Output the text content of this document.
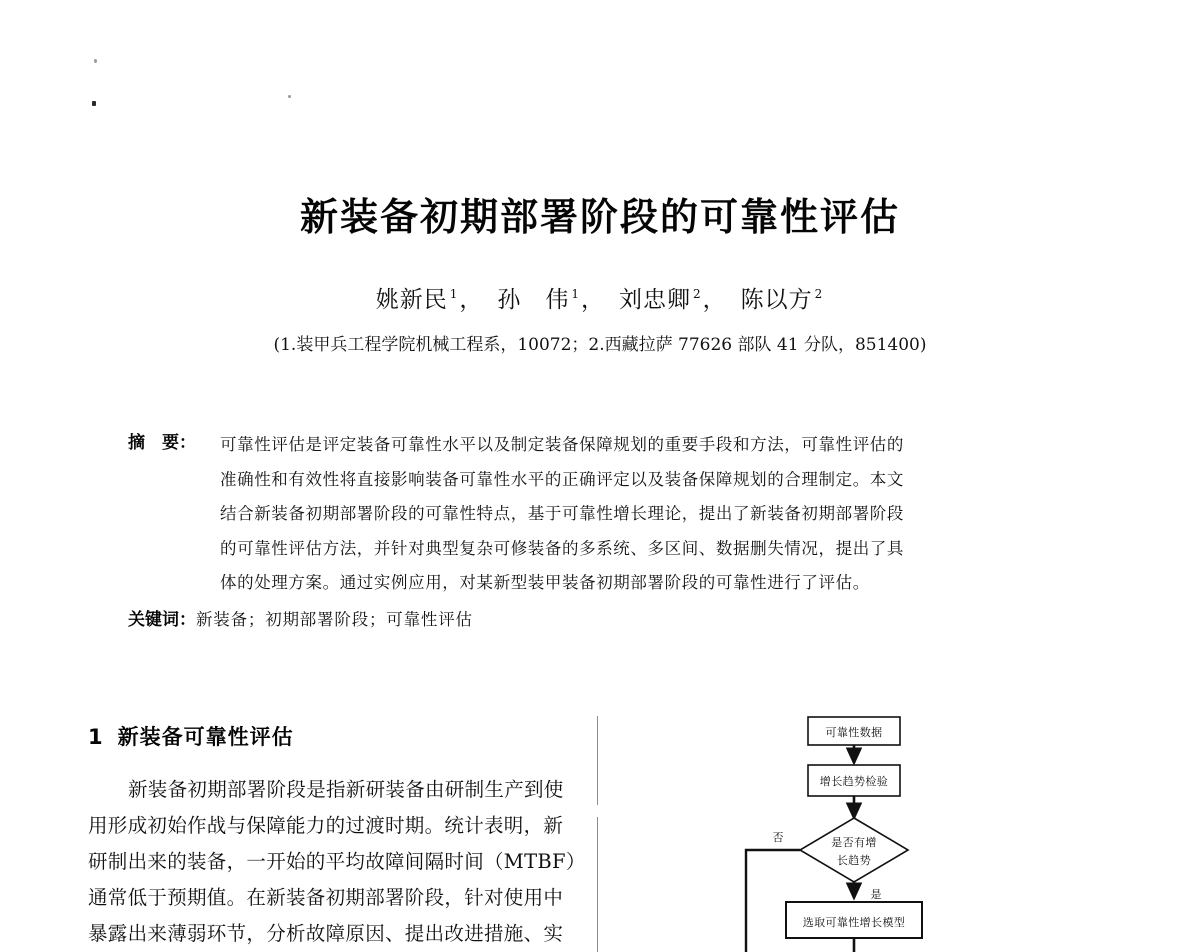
新装备初期部署阶段的可靠性评估
姚新民 $^1$， 孙　伟 $^1$， 刘忠卿 $^2$， 陈以方 $^2$
(1.装甲兵工程学院机械工程系，10072；2.西藏拉萨 77626 部队 41 分队，851400)
摘 要：	可靠性评估是评定装备可靠性水平以及制定装备保障规划的重要手段和方法，可靠性评估的
准确性和有效性将直接影响装备可靠性水平的正确评定以及装备保障规划的合理制定。本文
结合新装备初期部署阶段的可靠性特点，基于可靠性增长理论，提出了新装备初期部署阶段
的可靠性评估方法，并针对典型复杂可修装备的多系统、多区间、数据删失情况，提出了具
体的处理方案。通过实例应用，对某新型装甲装备初期部署阶段的可靠性进行了评估。
关键词：新装备；初期部署阶段；可靠性评估
1 新装备可靠性评估
新装备初期部署阶段是指新研装备由研制生产到使
用形成初始作战与保障能力的过渡时期。统计表明，新
研制出来的装备，一开始的平均故障间隔时间（MTBF）
通常低于预期值。在新装备初期部署阶段，针对使用中
暴露出来薄弱环节，分析故障原因、提出改进措施、实
可靠性数据
增长趋势检验
是否有增
长趋势
否
是
选取可靠性增长模型
